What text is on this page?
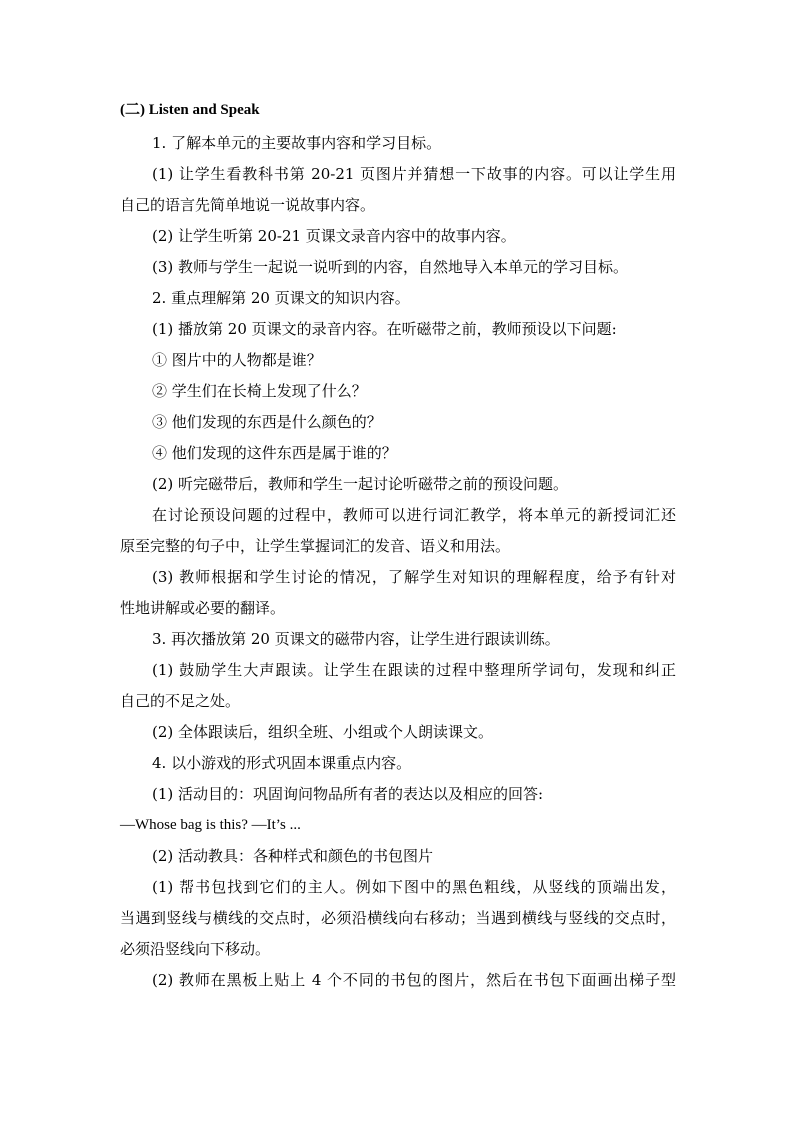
(二) Listen and Speak
1. 了解本单元的主要故事内容和学习目标。
(1) 让学生看教科书第 20-21 页图片并猜想一下故事的内容。可以让学生用
自己的语言先简单地说一说故事内容。
(2) 让学生听第 20-21 页课文录音内容中的故事内容。
(3) 教师与学生一起说一说听到的内容，自然地导入本单元的学习目标。
2. 重点理解第 20 页课文的知识内容。
(1) 播放第 20 页课文的录音内容。在听磁带之前，教师预设以下问题:
① 图片中的人物都是谁？
② 学生们在长椅上发现了什么？
③ 他们发现的东西是什么颜色的？
④ 他们发现的这件东西是属于谁的？
(2) 听完磁带后，教师和学生一起讨论听磁带之前的预设问题。
在讨论预设问题的过程中，教师可以进行词汇教学，将本单元的新授词汇还
原至完整的句子中，让学生掌握词汇的发音、语义和用法。
(3) 教师根据和学生讨论的情况，了解学生对知识的理解程度，给予有针对
性地讲解或必要的翻译。
3. 再次播放第 20 页课文的磁带内容，让学生进行跟读训练。
(1) 鼓励学生大声跟读。让学生在跟读的过程中整理所学词句，发现和纠正
自己的不足之处。
(2) 全体跟读后，组织全班、小组或个人朗读课文。
4. 以小游戏的形式巩固本课重点内容。
(1) 活动目的：巩固询问物品所有者的表达以及相应的回答:
—Whose bag is this? —It’s ...
(2) 活动教具：各种样式和颜色的书包图片
(1) 帮书包找到它们的主人。例如下图中的黑色粗线，从竖线的顶端出发，
当遇到竖线与横线的交点时，必须沿横线向右移动；当遇到横线与竖线的交点时，
必须沿竖线向下移动。
(2) 教师在黑板上贴上 4 个不同的书包的图片，然后在书包下面画出梯子型
